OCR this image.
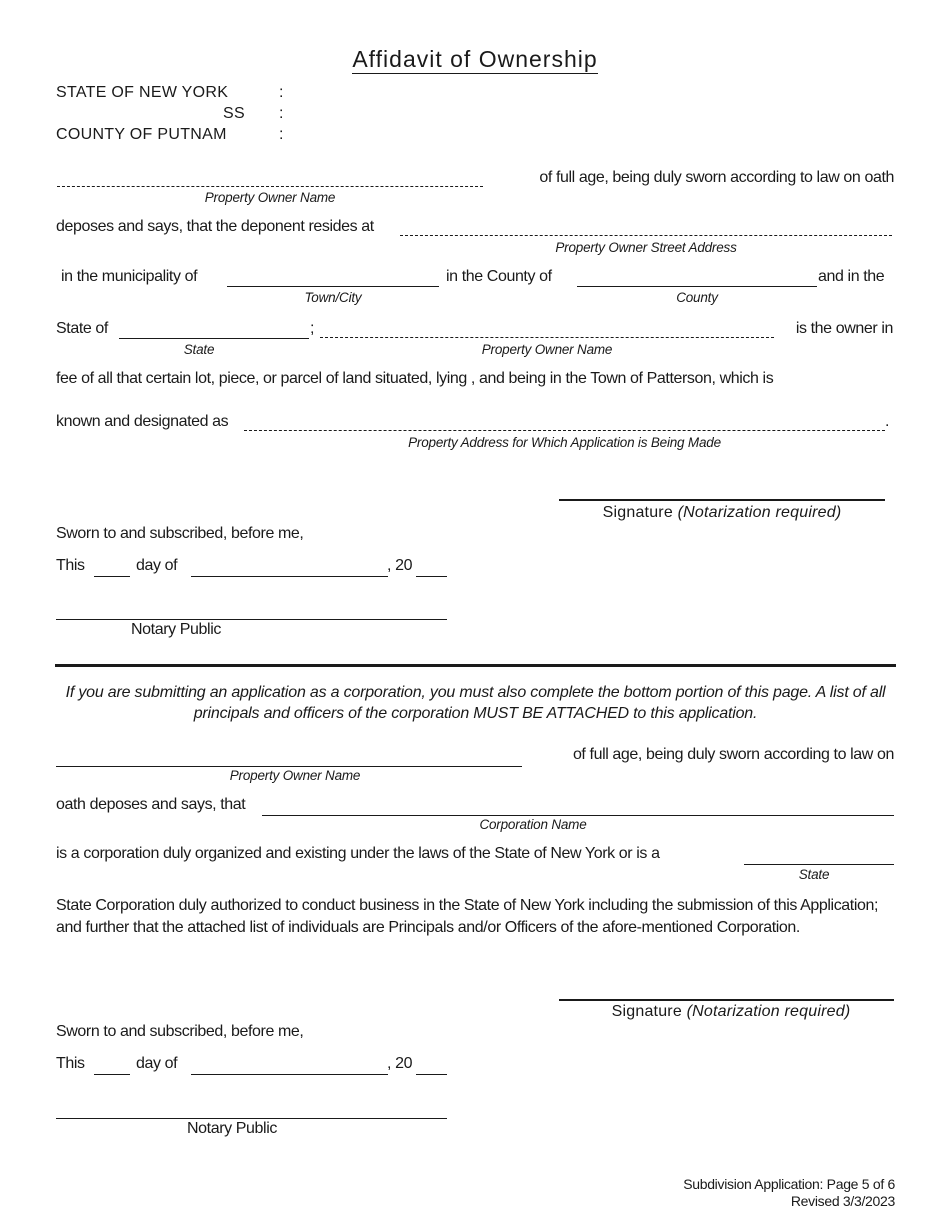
Affidavit of Ownership
STATE OF NEW YORK	:
SS :
COUNTY OF PUTNAM	:
of full age, being duly sworn according to law on oath
Property Owner Name
deposes and says, that the deponent resides at
Property Owner Street Address
in the municipality of	in the County of	and in the
Town/City	County
State of	;	is the owner in
State	Property Owner Name
fee of all that certain lot, piece, or parcel of land situated, lying , and being in the Town of Patterson, which is
known and designated as	.
Property Address for Which Application is Being Made
Signature (Notarization required)
Sworn to and subscribed, before me,
This	day of	, 20
Notary Public
If you are submitting an application as a corporation, you must also complete the bottom portion of this page. A list of all principals and officers of the corporation MUST BE ATTACHED to this application.
of full age, being duly sworn according to law on
Property Owner Name
oath deposes and says, that
Corporation Name
is a corporation duly organized and existing under the laws of the State of New York or is a
State
State Corporation duly authorized to conduct business in the State of New York including the submission of this Application; and further that the attached list of individuals are Principals and/or Officers of the afore-mentioned Corporation.
Signature (Notarization required)
Sworn to and subscribed, before me,
This	day of	, 20
Notary Public
Subdivision Application: Page 5 of 6
Revised 3/3/2023
